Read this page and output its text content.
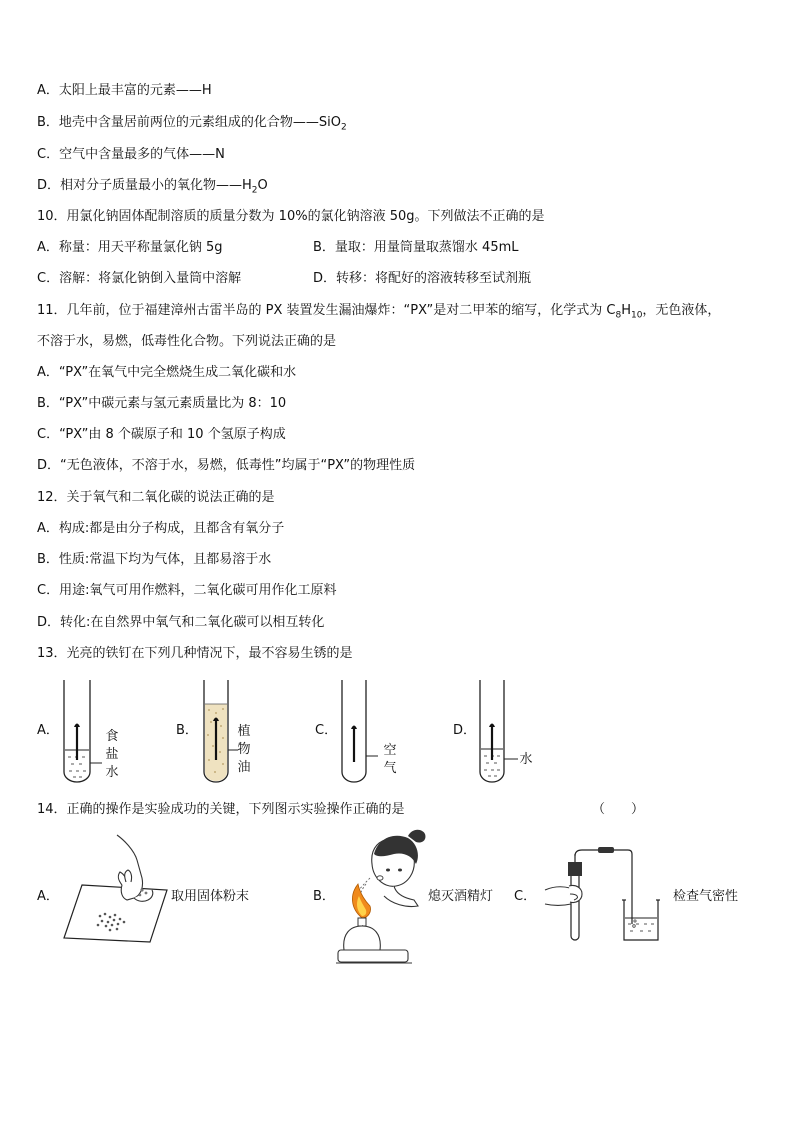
A．太阳上最丰富的元素——H
B．地壳中含量居前两位的元素组成的化合物——SiO$_2$
C．空气中含量最多的气体——N
D．相对分子质量最小的氧化物$——H_2O$
10．用氯化钠固体配制溶质的质量分数为 10%的氯化钠溶液 50g。下列做法不正确的是
A．称量：用天平称量氯化钠 5g	B．量取：用量筒量取蒸馏水 45mL
C．溶解：将氯化钠倒入量筒中溶解	D．转移：将配好的溶液转移至试剂瓶
11．几年前，位于福建漳州古雷半岛的 PX 装置发生漏油爆炸：“PX”是对二甲苯的缩写，化学式为 $C_8H_{10}$，无色液体，
不溶于水，易燃，低毒性化合物。下列说法正确的是
A．“PX”在氧气中完全燃烧生成二氧化碳和水
B．“PX”中碳元素与氢元素质量比为 8：10
C．“PX”由 8 个碳原子和 10 个氢原子构成
D．“无色液体，不溶于水，易燃，低毒性”均属于“PX”的物理性质
12．关于氧气和二氧化碳的说法正确的是
A．构成:都是由分子构成，且都含有氧分子
B．性质:常温下均为气体，且都易溶于水
C．用途:氧气可用作燃料，二氧化碳可用作化工原料
D．转化:在自然界中氧气和二氧化碳可以相互转化
13．光亮的铁钉在下列几种情况下，最不容易生锈的是
A．	食
盐
水
B．	植
物
油
C．
空
气
D．
水
14．正确的操作是实验成功的关键，下列图示实验操作正确的是	（　　）
A．	取用固体粉末	B．	熄灭酒精灯 C．	检查气密性
